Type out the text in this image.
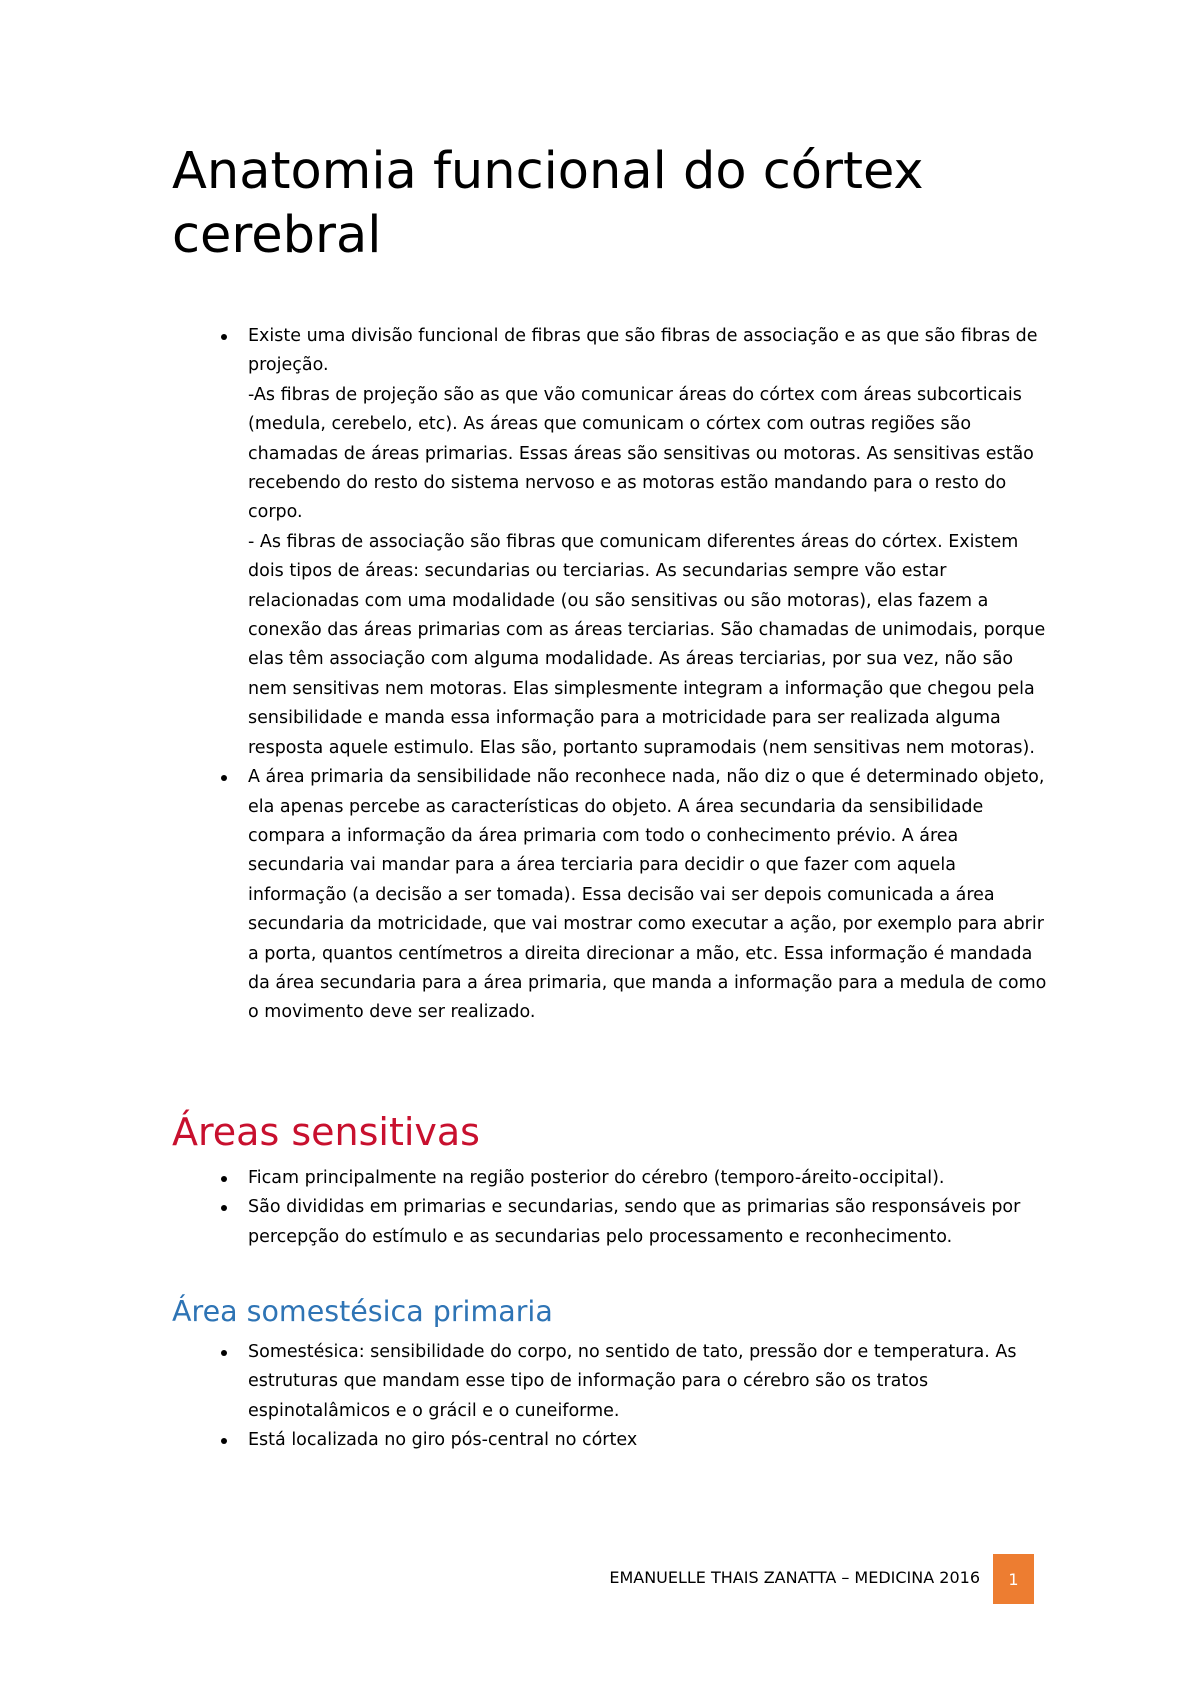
Anatomia funcional do córtex cerebral

Existe uma divisão funcional de fibras que são fibras de associação e as que são fibras de projeção.

-As fibras de projeção são as que vão comunicar áreas do córtex com áreas subcorticais (medula, cerebelo, etc). As áreas que comunicam o córtex com outras regiões são chamadas de áreas primarias. Essas áreas são sensitivas ou motoras. As sensitivas estão recebendo do resto do sistema nervoso e as motoras estão mandando para o resto do corpo.

- As fibras de associação são fibras que comunicam diferentes áreas do córtex. Existem dois tipos de áreas: secundarias ou terciarias. As secundarias sempre vão estar relacionadas com uma modalidade (ou são sensitivas ou são motoras), elas fazem a conexão das áreas primarias com as áreas terciarias. São chamadas de unimodais, porque elas têm associação com alguma modalidade. As áreas terciarias, por sua vez, não são nem sensitivas nem motoras. Elas simplesmente integram a informação que chegou pela sensibilidade e manda essa informação para a motricidade para ser realizada alguma resposta aquele estimulo. Elas são, portanto supramodais (nem sensitivas nem motoras).

A área primaria da sensibilidade não reconhece nada, não diz o que é determinado objeto, ela apenas percebe as características do objeto. A área secundaria da sensibilidade compara a informação da área primaria com todo o conhecimento prévio. A área secundaria vai mandar para a área terciaria para decidir o que fazer com aquela informação (a decisão a ser tomada). Essa decisão vai ser depois comunicada a área secundaria da motricidade, que vai mostrar como executar a ação, por exemplo para abrir a porta, quantos centímetros a direita direcionar a mão, etc. Essa informação é mandada da área secundaria para a área primaria, que manda a informação para a medula de como o movimento deve ser realizado.

Áreas sensitivas

Ficam principalmente na região posterior do cérebro (temporo-áreito-occipital).

São divididas em primarias e secundarias, sendo que as primarias são responsáveis por percepção do estímulo e as secundarias pelo processamento e reconhecimento.

Área somestésica primaria

Somestésica: sensibilidade do corpo, no sentido de tato, pressão dor e temperatura. As estruturas que mandam esse tipo de informação para o cérebro são os tratos espinotalâmicos e o grácil e o cuneiforme.

Está localizada no giro pós-central no córtex

EMANUELLE THAIS ZANATTA – MEDICINA 2016	1
